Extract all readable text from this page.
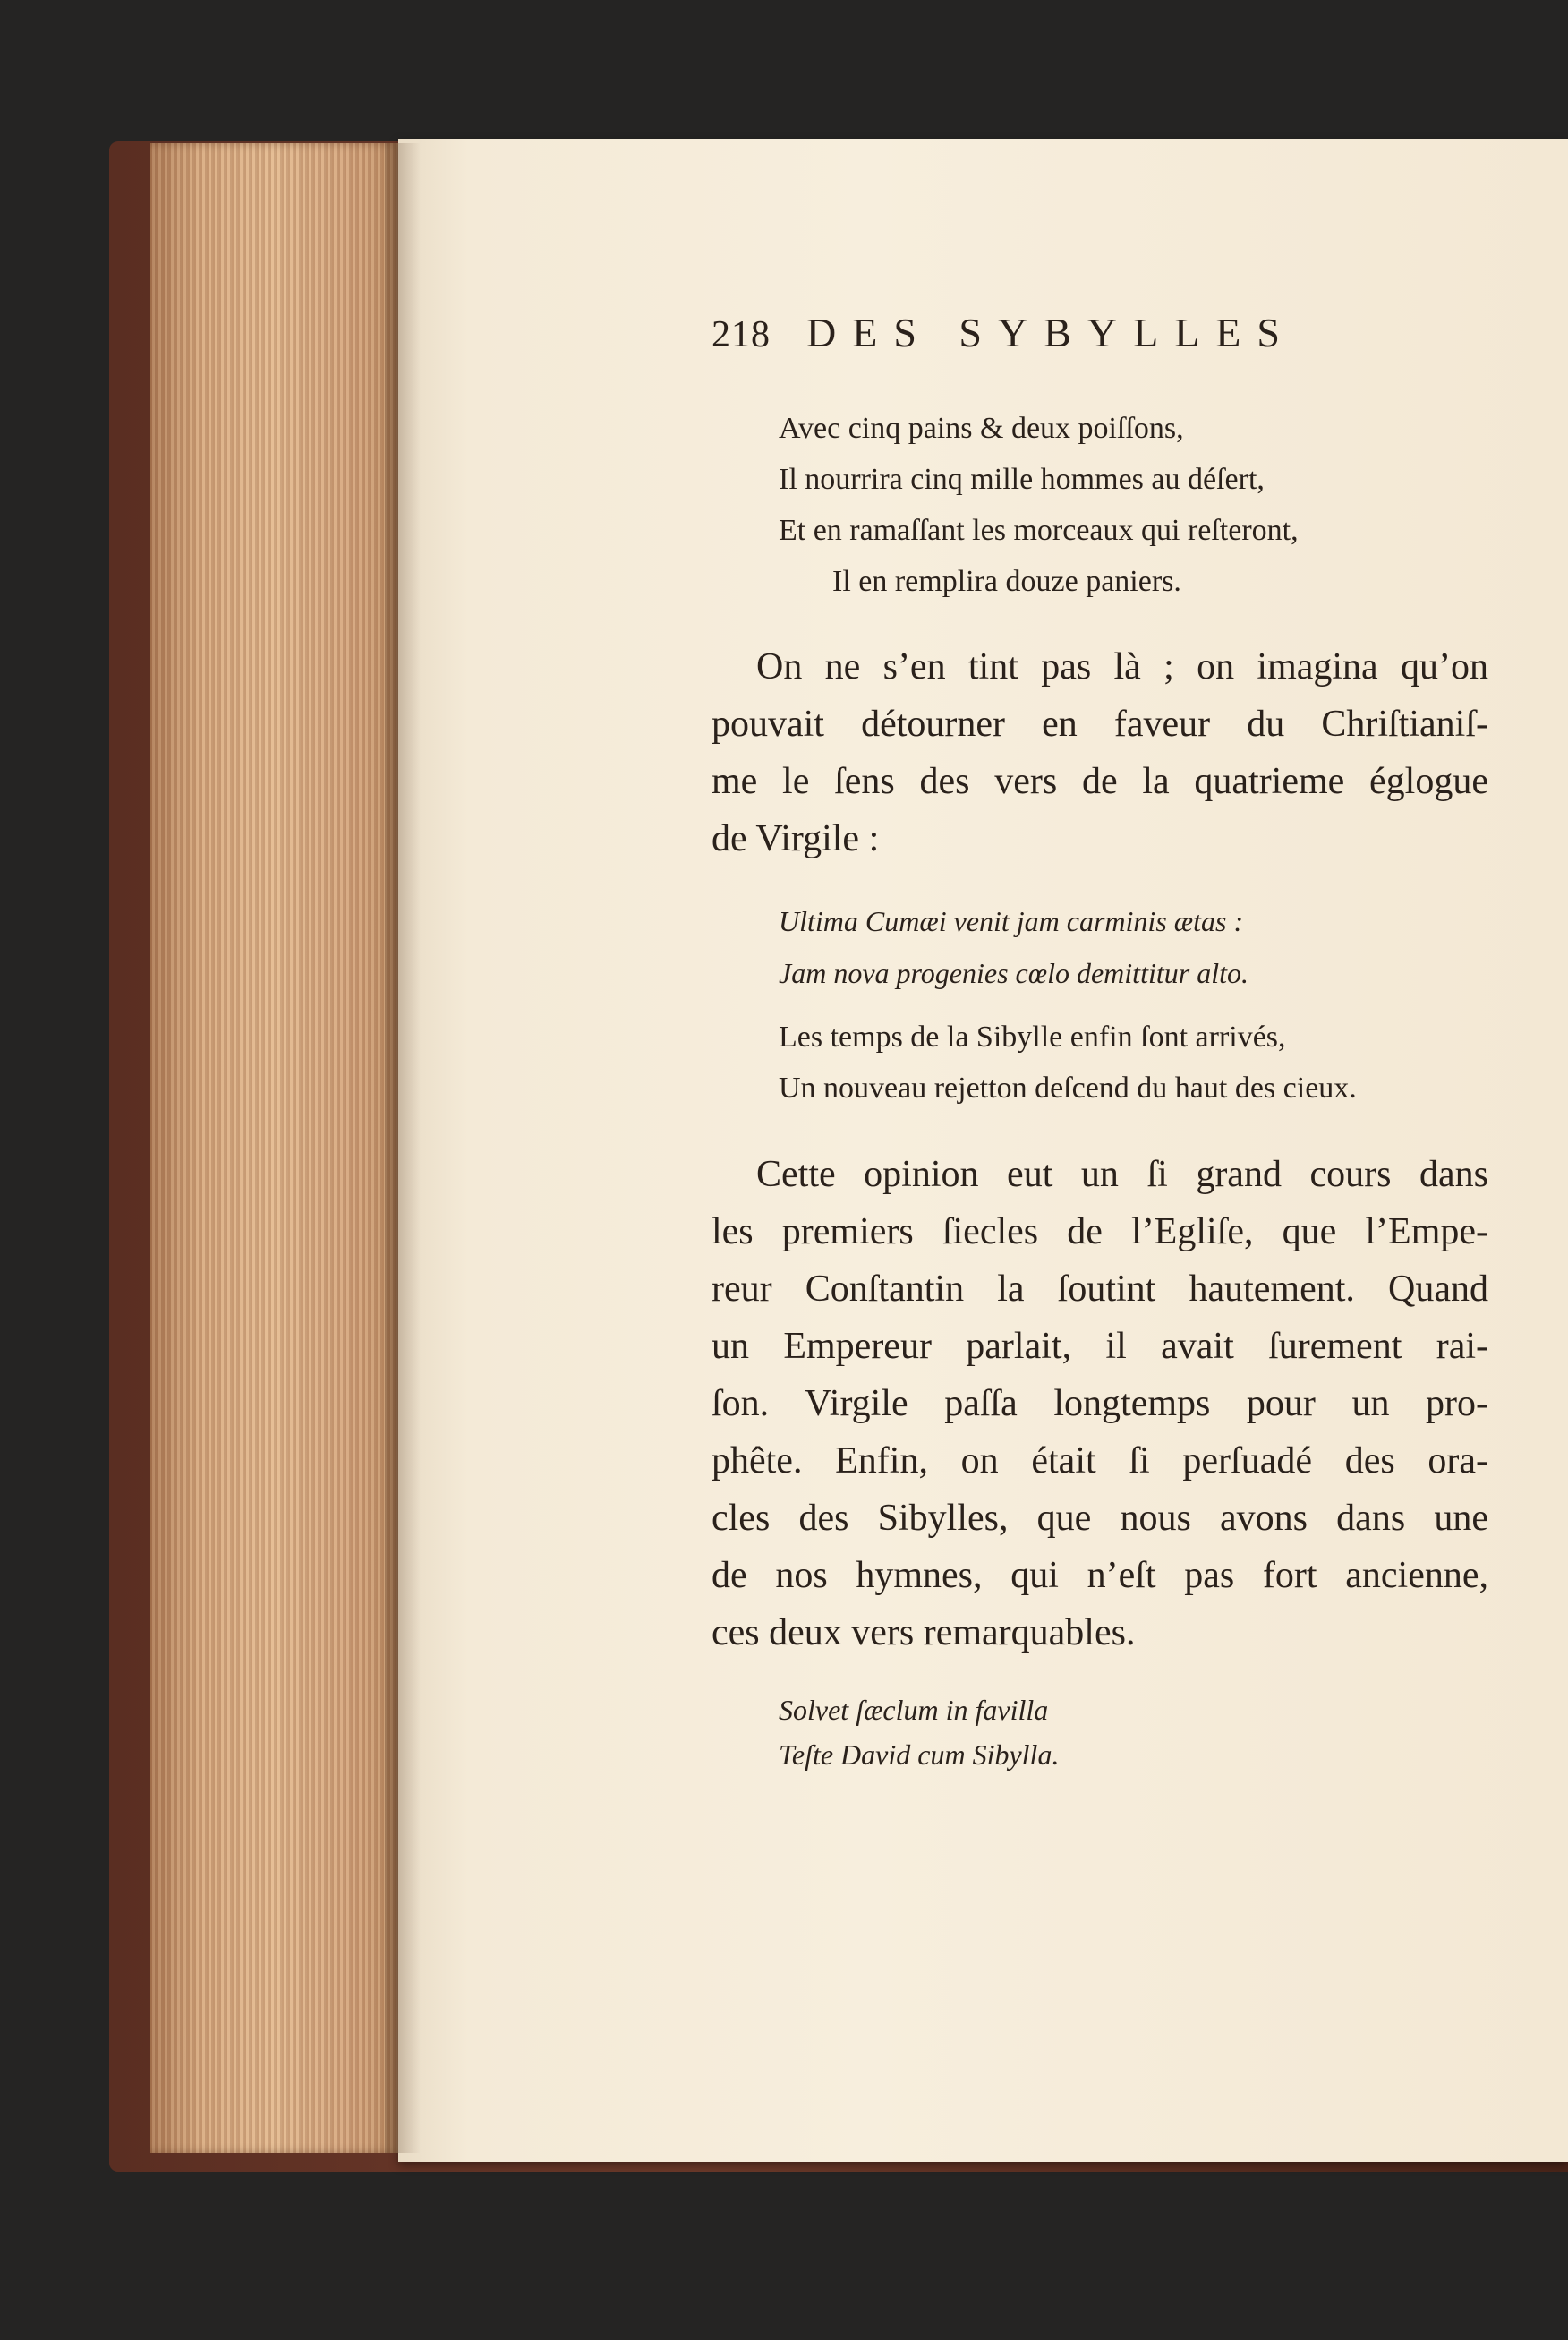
218 DES SYBYLLES
Avec cinq pains & deux poiſſons,
Il nourrira cinq mille hommes au déſert,
Et en ramaſſant les morceaux qui reſteront,
Il en remplira douze paniers.
On ne s’en tint pas là ; on imagina qu’on
pouvait détourner en faveur du Chriſtianiſ-
me le ſens des vers de la quatrieme églogue
de Virgile :
Ultima Cumæi venit jam carminis ætas :
Jam nova progenies cœlo demittitur alto.
Les temps de la Sibylle enfin ſont arrivés,
Un nouveau rejetton deſcend du haut des cieux.
Cette opinion eut un ſi grand cours dans
les premiers ſiecles de l’Egliſe, que l’Empe-
reur Conſtantin la ſoutint hautement. Quand
un Empereur parlait, il avait ſurement rai-
ſon. Virgile paſſa longtemps pour un pro-
phête. Enfin, on était ſi perſuadé des ora-
cles des Sibylles, que nous avons dans une
de nos hymnes, qui n’eſt pas fort ancienne,
ces deux vers remarquables.
Solvet ſæclum in favilla
Teſte David cum Sibylla.
